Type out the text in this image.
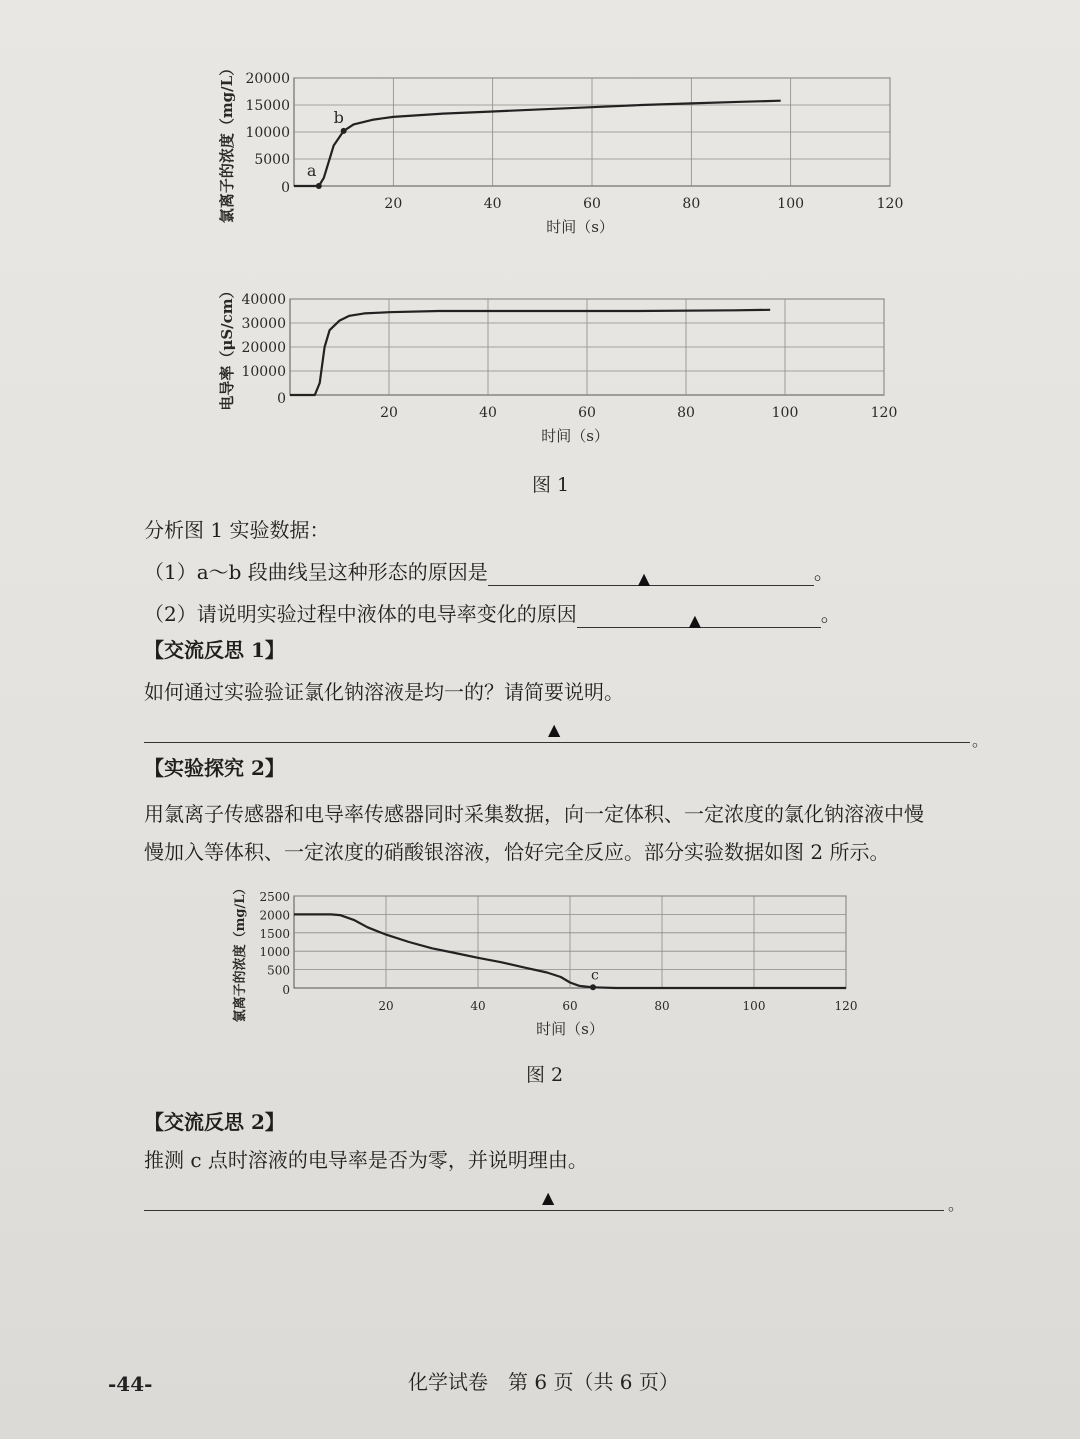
20	40	60	80	100	120
20000
15000
10000
5000
0
氯离子的浓度（mg/L）
时间（s）
a
b
20	40	60	80	100	120
40000
30000
20000
10000
0
电导率（μS/cm）
时间（s）
图 1
分析图 1 实验数据：
（1）a～b 段曲线呈这种形态的原因是	▲	。
（2）请说明实验过程中液体的电导率变化的原因	▲	。
【交流反思 1】
如何通过实验验证氯化钠溶液是均一的？请简要说明。
▲
。
【实验探究 2】
用氯离子传感器和电导率传感器同时采集数据，向一定体积、一定浓度的氯化钠溶液中慢
慢加入等体积、一定浓度的硝酸银溶液，恰好完全反应。部分实验数据如图 2 所示。
20	40	60	80	100	120
2500
2000
1500
1000
500
0
氯离子的浓度（mg/L）
时间（s）
c
图 2
【交流反思 2】
推测 c 点时溶液的电导率是否为零，并说明理由。
▲	。
-44-	化学试卷　第 6 页（共 6 页）
